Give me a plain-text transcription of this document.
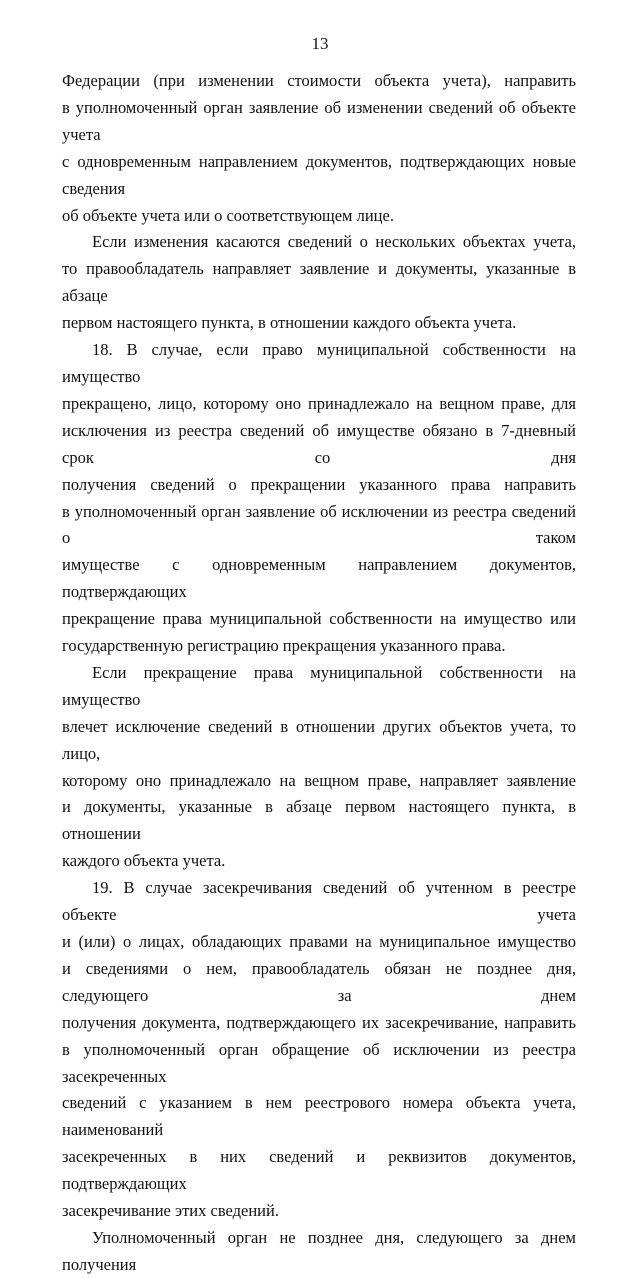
13

Федерации (при изменении стоимости объекта учета), направить
в уполномоченный орган заявление об изменении сведений об объекте учета
с одновременным направлением документов, подтверждающих новые сведения
об объекте учета или о соответствующем лице.

Если изменения касаются сведений о нескольких объектах учета,
то правообладатель направляет заявление и документы, указанные в абзаце
первом настоящего пункта, в отношении каждого объекта учета.

18. В случае, если право муниципальной собственности на имущество
прекращено, лицо, которому оно принадлежало на вещном праве, для
исключения из реестра сведений об имуществе обязано в 7-дневный срок со дня
получения сведений о прекращении указанного права направить
в уполномоченный орган заявление об исключении из реестра сведений о таком
имуществе с одновременным направлением документов, подтверждающих
прекращение права муниципальной собственности на имущество или
государственную регистрацию прекращения указанного права.

Если прекращение права муниципальной собственности на имущество
влечет исключение сведений в отношении других объектов учета, то лицо,
которому оно принадлежало на вещном праве, направляет заявление
и документы, указанные в абзаце первом настоящего пункта, в отношении
каждого объекта учета.

19. В случае засекречивания сведений об учтенном в реестре объекте учета
и (или) о лицах, обладающих правами на муниципальное имущество
и сведениями о нем, правообладатель обязан не позднее дня, следующего за днем
получения документа, подтверждающего их засекречивание, направить
в уполномоченный орган обращение об исключении из реестра засекреченных
сведений с указанием в нем реестрового номера объекта учета, наименований
засекреченных в них сведений и реквизитов документов, подтверждающих
засекречивание этих сведений.

Уполномоченный орган не позднее дня, следующего за днем получения
